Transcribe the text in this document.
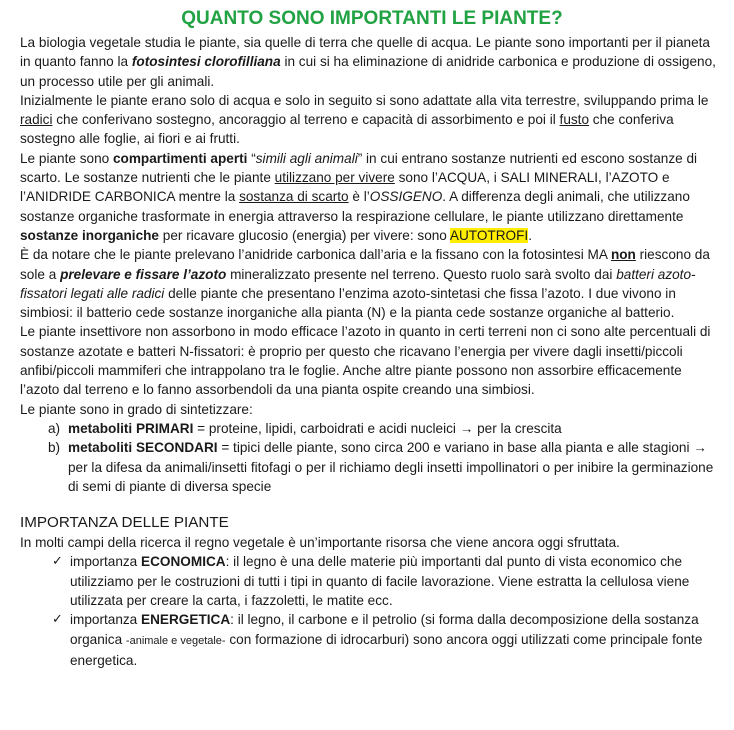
QUANTO SONO IMPORTANTI LE PIANTE?

La biologia vegetale studia le piante, sia quelle di terra che quelle di acqua. Le piante sono importanti per il pianeta in quanto fanno la fotosintesi clorofilliana in cui si ha eliminazione di anidride carbonica e produzione di ossigeno, un processo utile per gli animali.

Inizialmente le piante erano solo di acqua e solo in seguito si sono adattate alla vita terrestre, sviluppando prima le radici che conferivano sostegno, ancoraggio al terreno e capacità di assorbimento e poi il fusto che conferiva sostegno alle foglie, ai fiori e ai frutti.

Le piante sono compartimenti aperti “simili agli animali” in cui entrano sostanze nutrienti ed escono sostanze di scarto. Le sostanze nutrienti che le piante utilizzano per vivere sono l’ACQUA, i SALI MINERALI, l’AZOTO e l’ANIDRIDE CARBONICA mentre la sostanza di scarto è l’OSSIGENO. A differenza degli animali, che utilizzano sostanze organiche trasformate in energia attraverso la respirazione cellulare, le piante utilizzano direttamente sostanze inorganiche per ricavare glucosio (energia) per vivere: sono AUTOTROFI.

È da notare che le piante prelevano l’anidride carbonica dall’aria e la fissano con la fotosintesi MA non riescono da sole a prelevare e fissare l’azoto mineralizzato presente nel terreno. Questo ruolo sarà svolto dai batteri azoto-fissatori legati alle radici delle piante che presentano l’enzima azoto-sintetasi che fissa l’azoto. I due vivono in simbiosi: il batterio cede sostanze inorganiche alla pianta (N) e la pianta cede sostanze organiche al batterio.

Le piante insettivore non assorbono in modo efficace l’azoto in quanto in certi terreni non ci sono alte percentuali di sostanze azotate e batteri N-fissatori: è proprio per questo che ricavano l’energia per vivere dagli insetti/piccoli anfibi/piccoli mammiferi che intrappolano tra le foglie. Anche altre piante possono non assorbire efficacemente l’azoto dal terreno e lo fanno assorbendoli da una pianta ospite creando una simbiosi.

Le piante sono in grado di sintetizzare:

a) metaboliti PRIMARI = proteine, lipidi, carboidrati e acidi nucleici → per la crescita
b) metaboliti SECONDARI = tipici delle piante, sono circa 200 e variano in base alla pianta e alle stagioni → per la difesa da animali/insetti fitofagi o per il richiamo degli insetti impollinatori o per inibire la germinazione di semi di piante di diversa specie
IMPORTANZA DELLE PIANTE

In molti campi della ricerca il regno vegetale è un’importante risorsa che viene ancora oggi sfruttata.

✓ importanza ECONOMICA: il legno è una delle materie più importanti dal punto di vista economico che utilizziamo per le costruzioni di tutti i tipi in quanto di facile lavorazione. Viene estratta la cellulosa viene utilizzata per creare la carta, i fazzoletti, le matite ecc.
✓ importanza ENERGETICA: il legno, il carbone e il petrolio (si forma dalla decomposizione della sostanza organica -animale e vegetale- con formazione di idrocarburi) sono ancora oggi utilizzati come principale fonte energetica.
